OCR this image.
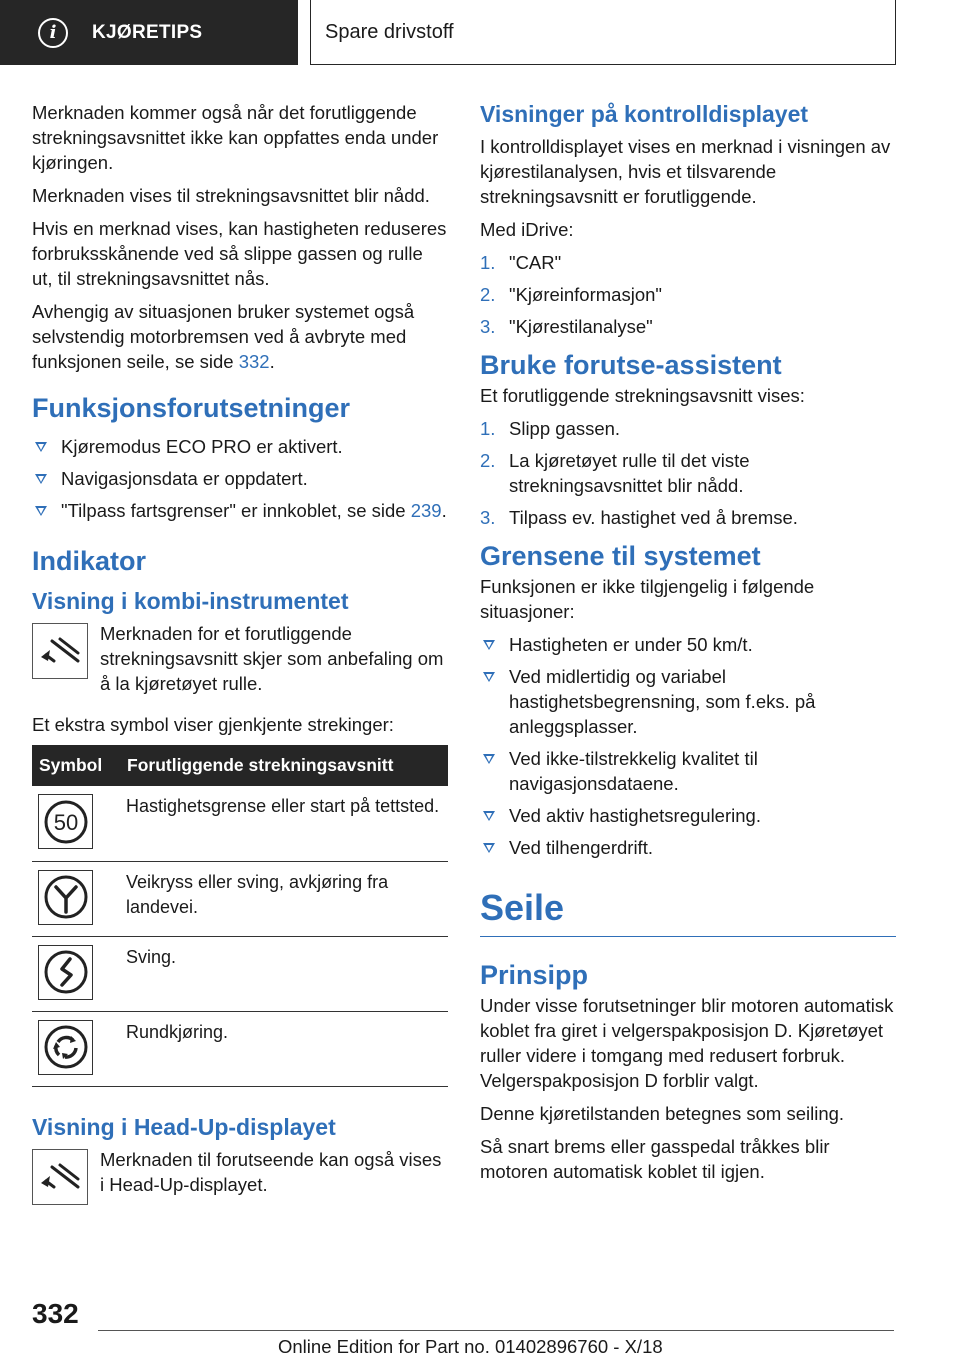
i	KJØRETIPS	Spare drivstoff

Merknaden kommer også når det forutliggende strekningsavsnittet ikke kan oppfattes enda under kjøringen.

Merknaden vises til strekningsavsnittet blir nådd.

Hvis en merknad vises, kan hastigheten reduseres forbruksskånende ved så slippe gassen og rulle ut, til strekningsavsnittet nås.

Avhengig av situasjonen bruker systemet også selvstendig motorbremsen ved å avbryte med funksjonen seile, se side 332.

Funksjonsforutsetninger
Kjøremodus ECO PRO er aktivert.
Navigasjonsdata er oppdatert.
"Tilpass fartsgrenser" er innkoblet, se side 239.
Indikator
Visning i kombi-instrumentet
Merknaden for et forutliggende strekningsavsnitt skjer som anbefaling om å la kjøretøyet rulle.

Et ekstra symbol viser gjenkjente strekinger:

Symbol	Forutliggende strekningsavsnitt

50	Hastighetsgrense eller start på tettsted.

	Veikryss eller sving, avkjøring fra landevei.

	Sving.

	Rundkjøring.
Visning i Head-Up-displayet
Merknaden til forutseende kan også vises i Head-Up-displayet.
Visninger på kontrolldisplayet

I kontrolldisplayet vises en merknad i visningen av kjørestilanalysen, hvis et tilsvarende strekningsavsnitt er forutliggende.

Med iDrive:

1. "CAR"
2. "Kjøreinformasjon"
3. "Kjørestilanalyse"
Bruke forutse-assistent

Et forutliggende strekningsavsnitt vises:

1. Slipp gassen.
2. La kjøretøyet rulle til det viste strekningsavsnittet blir nådd.
3. Tilpass ev. hastighet ved å bremse.
Grensene til systemet

Funksjonen er ikke tilgjengelig i følgende situasjoner:

Hastigheten er under 50 km/t.
Ved midlertidig og variabel hastighetsbegrensning, som f.eks. på anleggsplasser.
Ved ikke-tilstrekkelig kvalitet til navigasjonsdataene.
Ved aktiv hastighetsregulering.
Ved tilhengerdrift.
Seile
Prinsipp

Under visse forutsetninger blir motoren automatisk koblet fra giret i velgerspakposisjon D. Kjøretøyet ruller videre i tomgang med redusert forbruk. Velgerspakposisjon D forblir valgt.

Denne kjøretilstanden betegnes som seiling.

Så snart brems eller gasspedal tråkkes blir motoren automatisk koblet til igjen.

332
Online Edition for Part no. 01402896760 - X/18
